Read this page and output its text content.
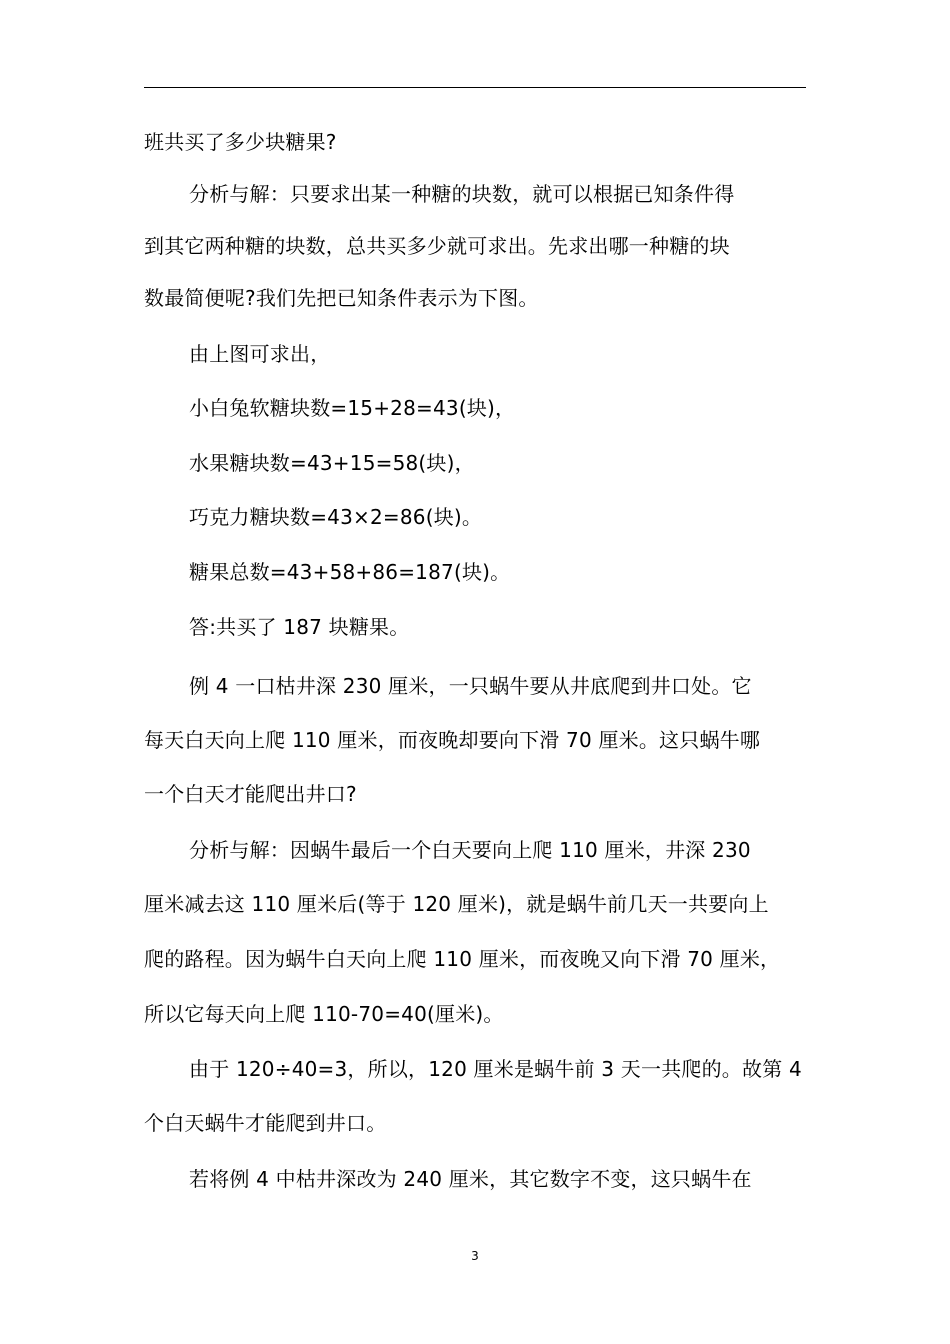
班共买了多少块糖果?
分析与解：只要求出某一种糖的块数，就可以根据已知条件得
到其它两种糖的块数，总共买多少就可求出。先求出哪一种糖的块
数最简便呢?我们先把已知条件表示为下图。
由上图可求出，
小白兔软糖块数=15+28=43(块)，
水果糖块数=43+15=58(块)，
巧克力糖块数=43×2=86(块)。
糖果总数=43+58+86=187(块)。
答:共买了 187 块糖果。
例 4 一口枯井深 230 厘米，一只蜗牛要从井底爬到井口处。它
每天白天向上爬 110 厘米，而夜晚却要向下滑 70 厘米。这只蜗牛哪
一个白天才能爬出井口?
分析与解：因蜗牛最后一个白天要向上爬 110 厘米，井深 230
厘米减去这 110 厘米后(等于 120 厘米)，就是蜗牛前几天一共要向上
爬的路程。因为蜗牛白天向上爬 110 厘米，而夜晚又向下滑 70 厘米，
所以它每天向上爬 110-70=40(厘米)。
由于 120÷40=3，所以，120 厘米是蜗牛前 3 天一共爬的。故第 4
个白天蜗牛才能爬到井口。
若将例 4 中枯井深改为 240 厘米，其它数字不变，这只蜗牛在
3
